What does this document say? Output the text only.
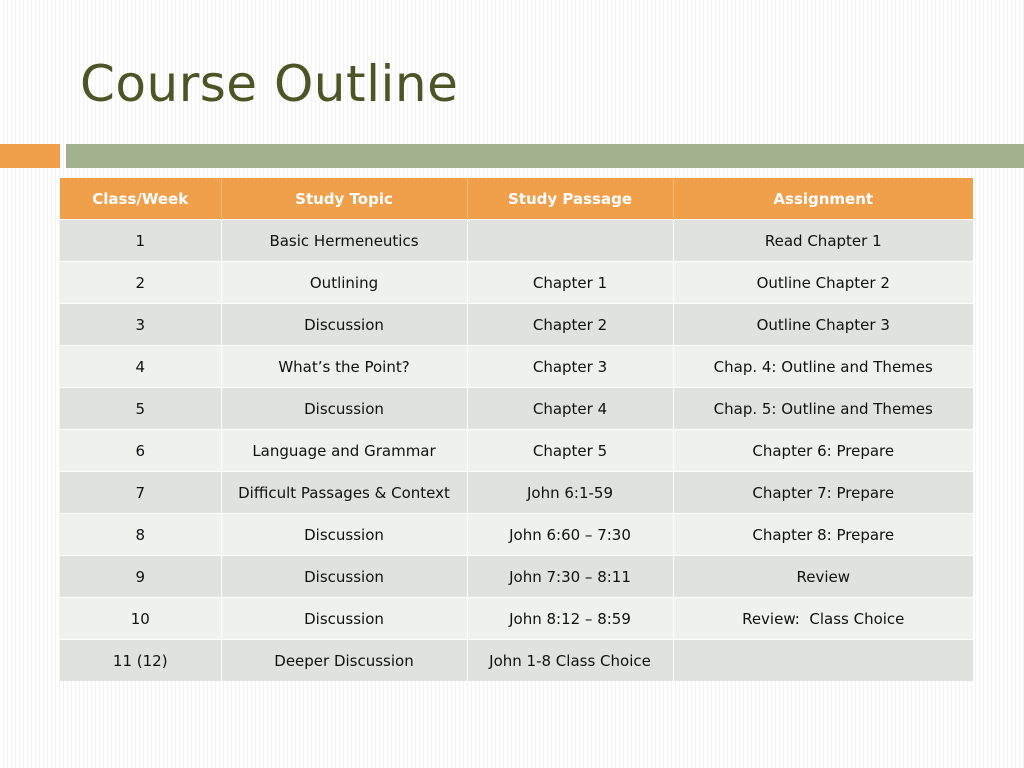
Course Outline
Class/Week	Study Topic	Study Passage	Assignment
1	Basic Hermeneutics		Read Chapter 1
2	Outlining	Chapter 1	Outline Chapter 2
3	Discussion	Chapter 2	Outline Chapter 3
4	What’s the Point?	Chapter 3	Chap. 4: Outline and Themes
5	Discussion	Chapter 4	Chap. 5: Outline and Themes
6	Language and Grammar	Chapter 5	Chapter 6: Prepare
7	Difficult Passages & Context	John 6:1-59	Chapter 7: Prepare
8	Discussion	John 6:60 – 7:30	Chapter 8: Prepare
9	Discussion	John 7:30 – 8:11	Review
10	Discussion	John 8:12 – 8:59	Review:  Class Choice
11 (12)	Deeper Discussion	John 1-8 Class Choice	
